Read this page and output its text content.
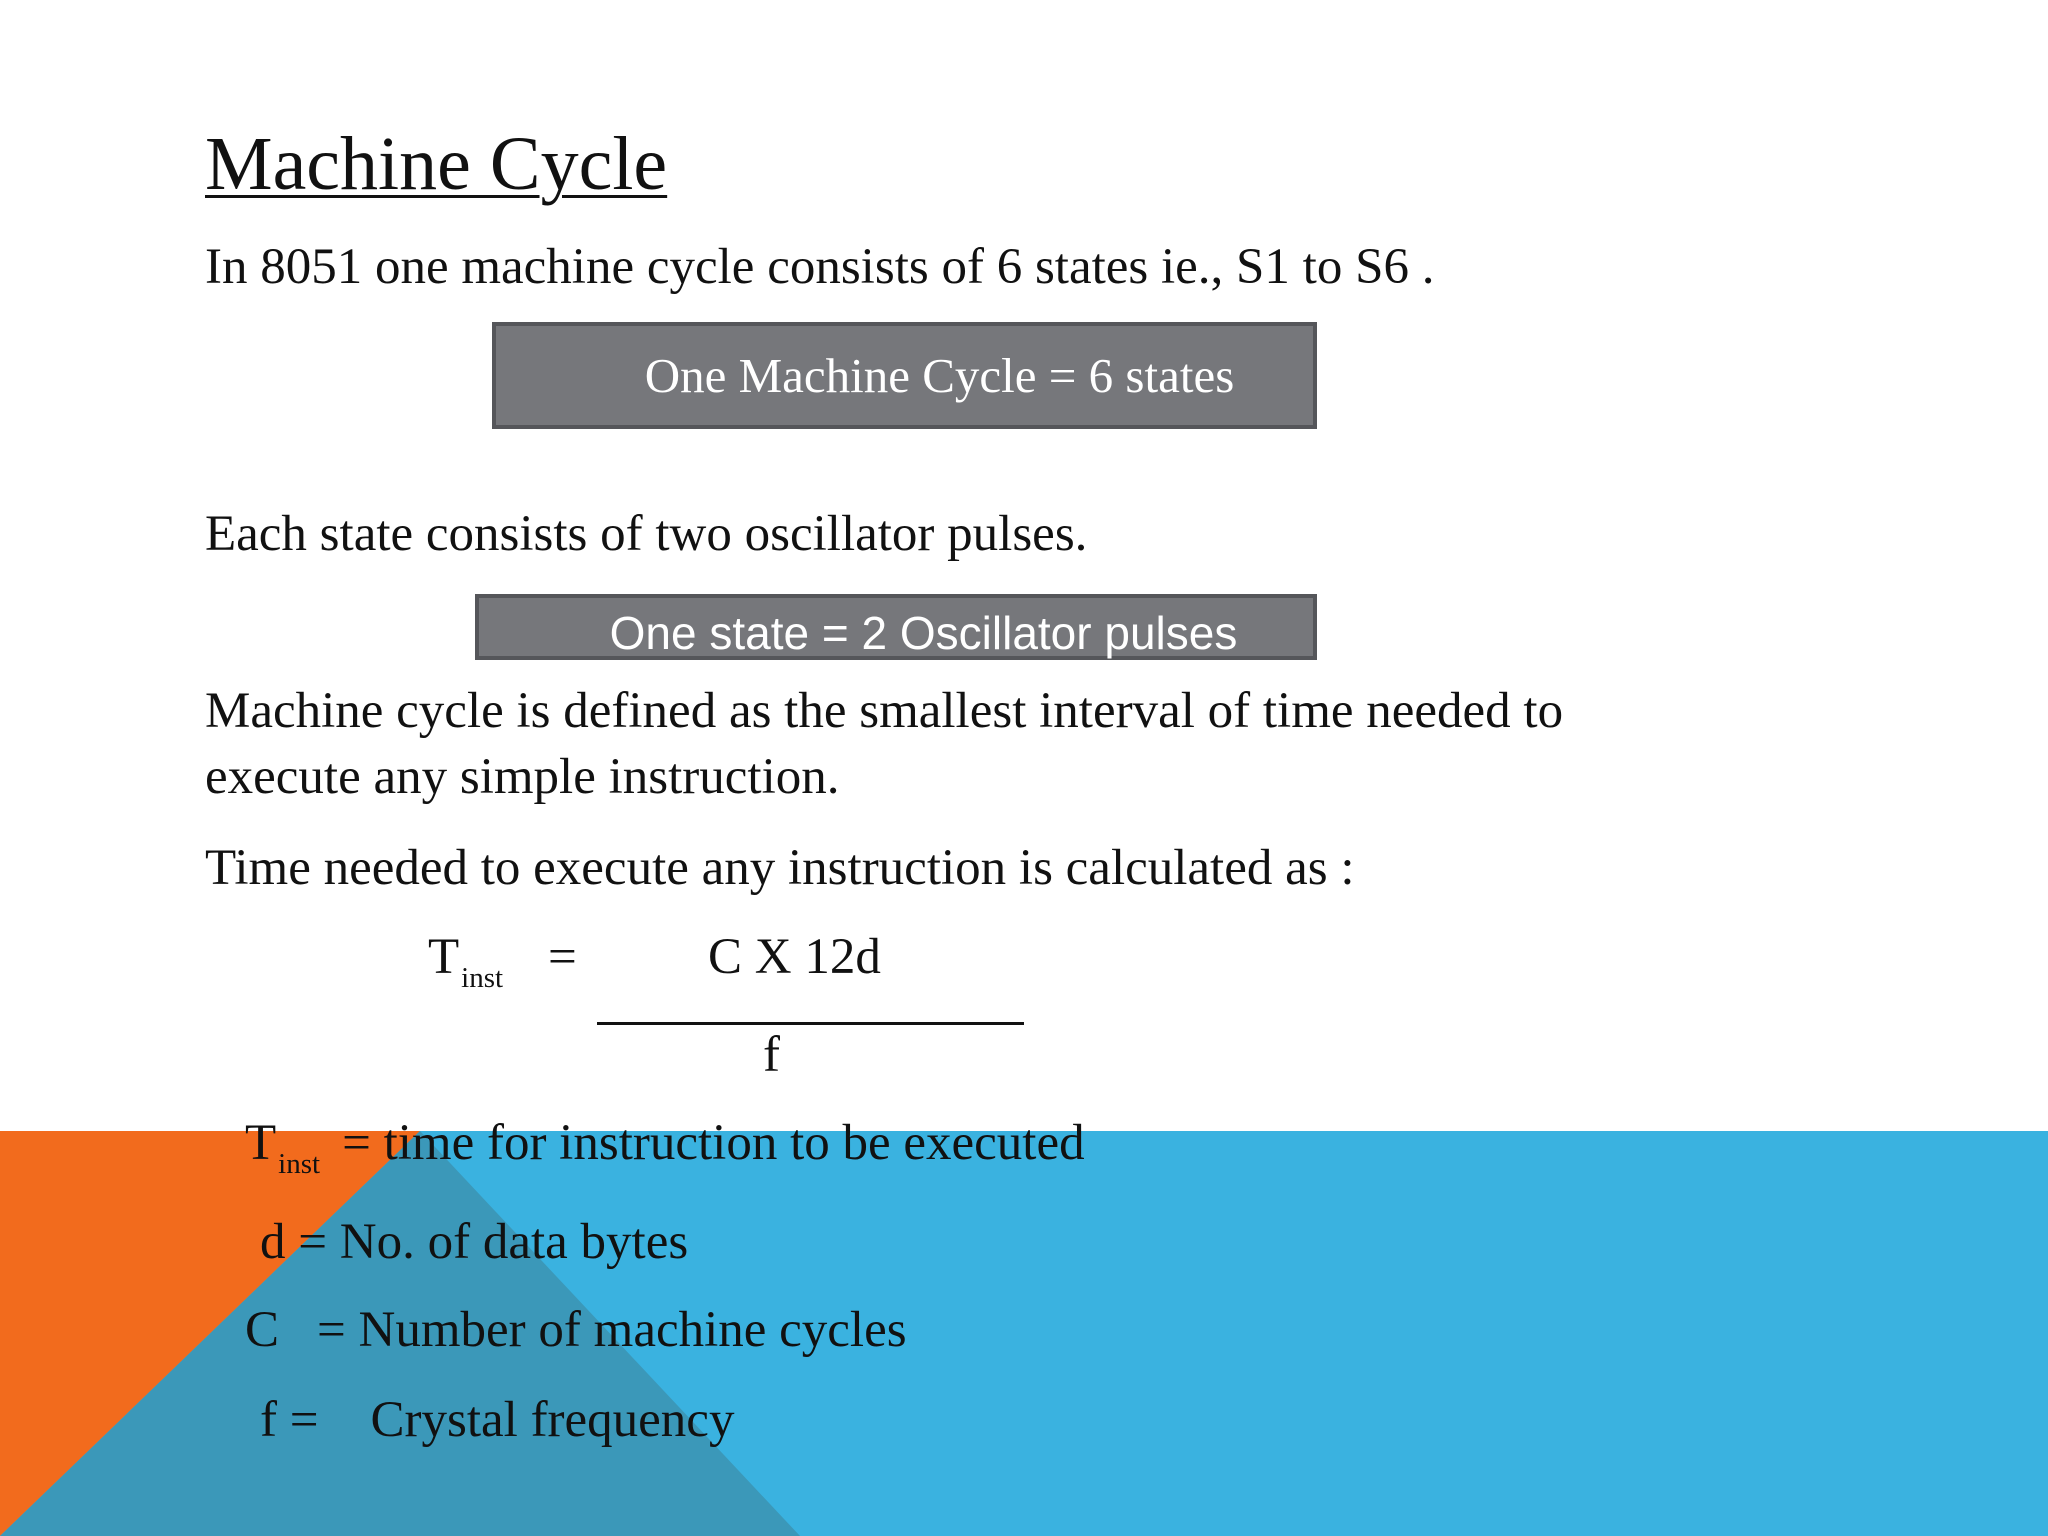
Machine Cycle
In 8051 one machine cycle consists of 6 states ie., S1 to S6 .
One Machine Cycle = 6 states
Each state consists of two oscillator pulses.
One state = 2 Oscillator pulses
Machine cycle is defined as the smallest interval of time needed to
execute any simple instruction.
Time needed to execute any instruction is calculated as :
$T_{inst}$ =	C X 12d
f
$T_{inst}$ = time for instruction to be executed
d = No. of data bytes
C = Number of machine cycles
f = Crystal frequency
